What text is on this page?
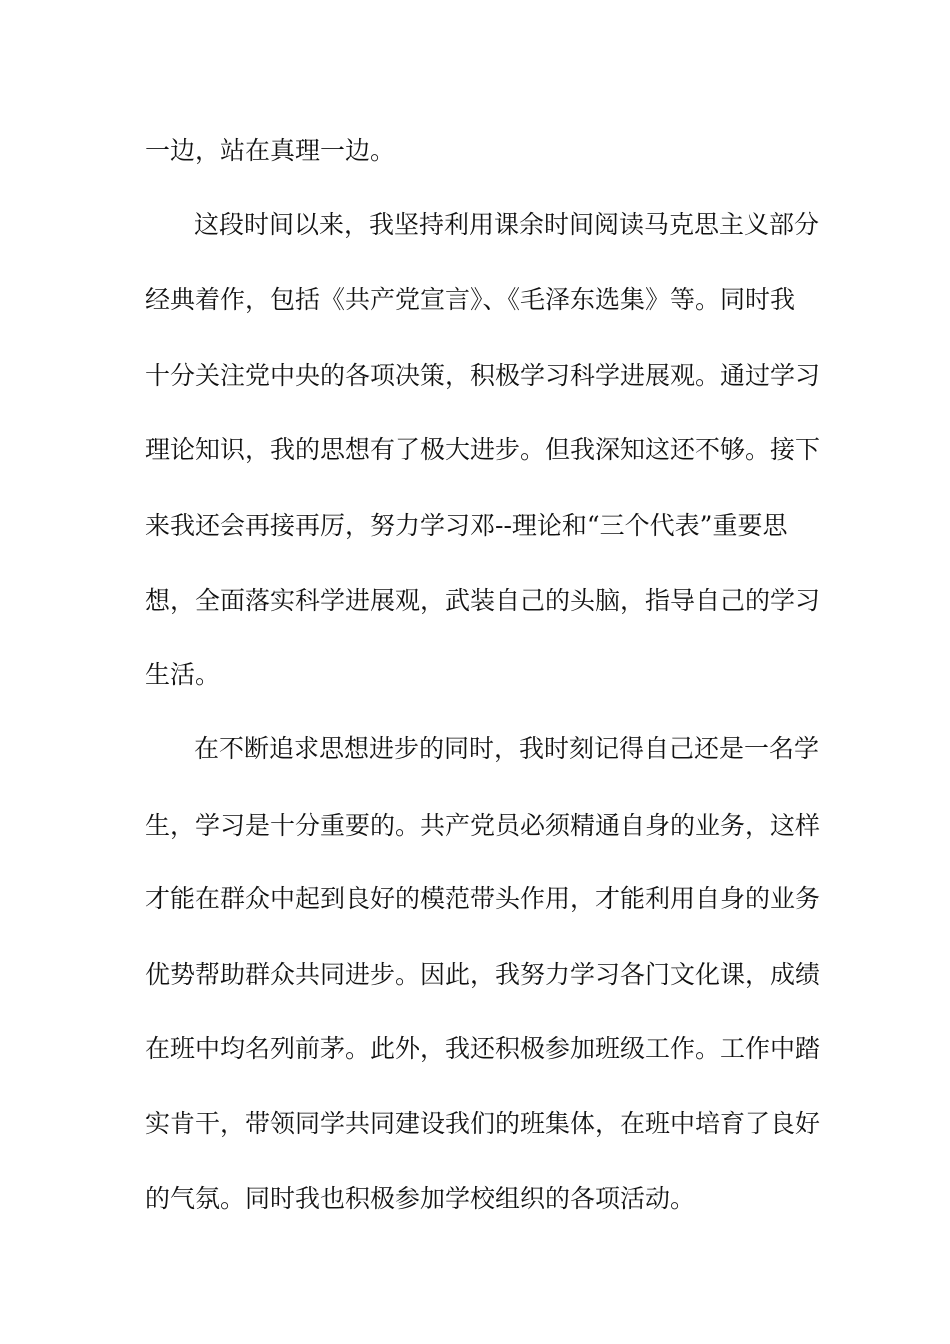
一边，站在真理一边。

这段时间以来，我坚持利用课余时间阅读马克思主义部分

经典着作，包括《共产党宣言》、《毛泽东选集》等。同时我

十分关注党中央的各项决策，积极学习科学进展观。通过学习

理论知识，我的思想有了极大进步。但我深知这还不够。接下

来我还会再接再厉，努力学习邓--理论和“三个代表”重要思

想，全面落实科学进展观，武装自己的头脑，指导自己的学习

生活。

在不断追求思想进步的同时，我时刻记得自己还是一名学

生，学习是十分重要的。共产党员必须精通自身的业务，这样

才能在群众中起到良好的模范带头作用，才能利用自身的业务

优势帮助群众共同进步。因此，我努力学习各门文化课，成绩

在班中均名列前茅。此外，我还积极参加班级工作。工作中踏

实肯干，带领同学共同建设我们的班集体，在班中培育了良好

的气氛。同时我也积极参加学校组织的各项活动。
